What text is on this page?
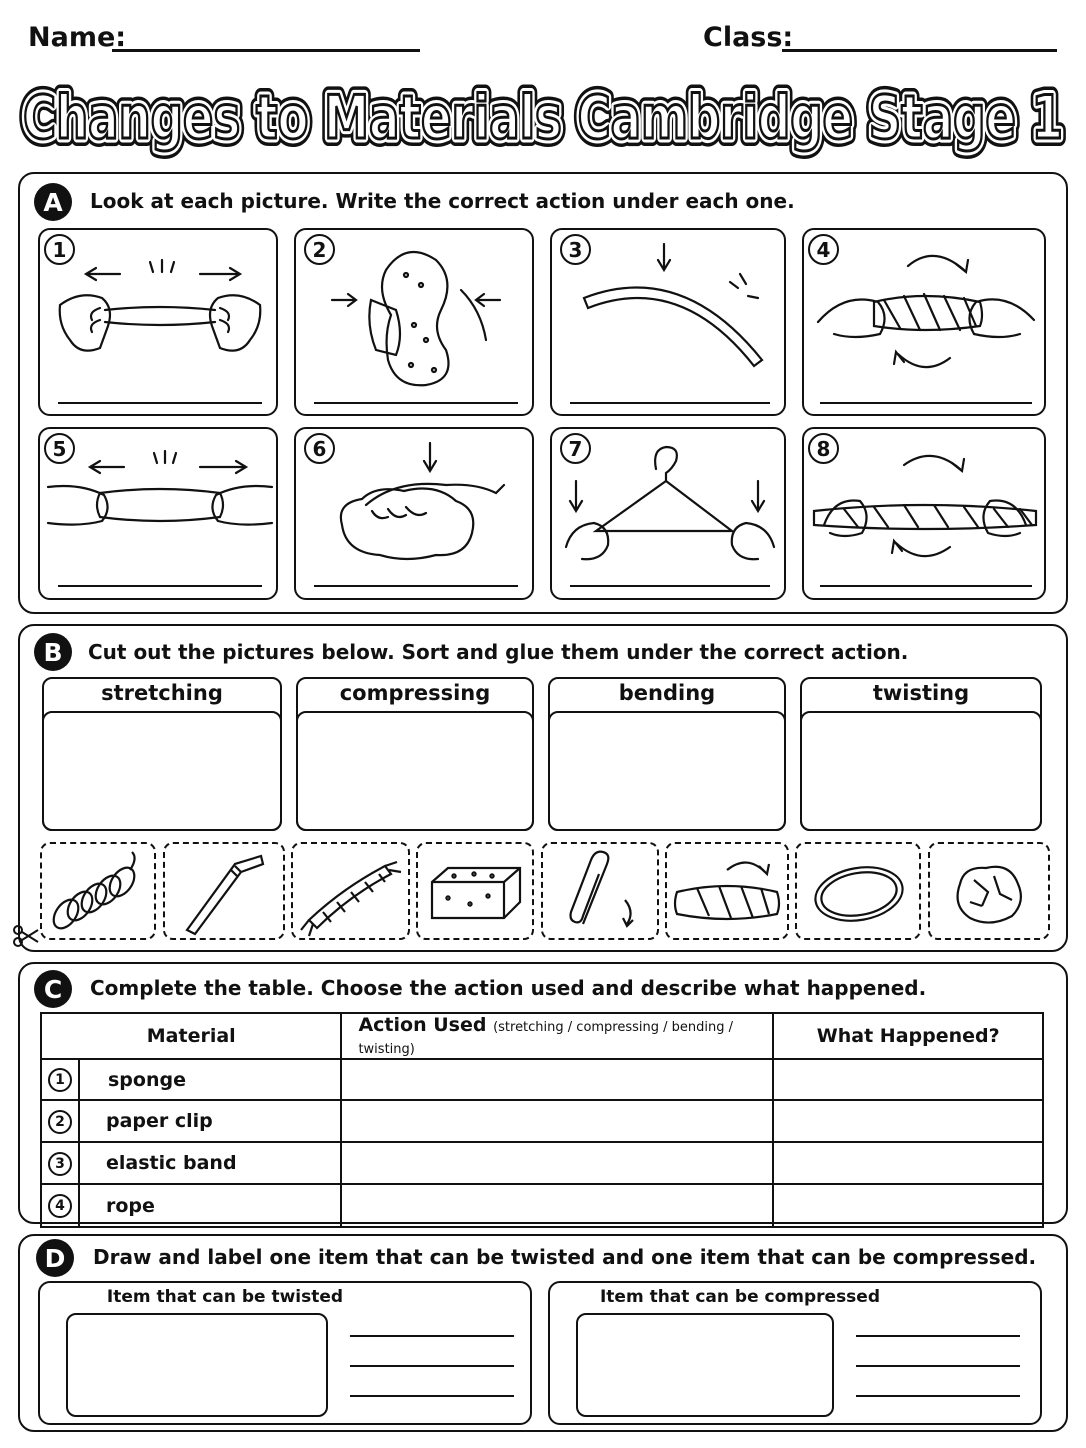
Name:	Class:
Changes to Materials Cambridge Stage 1
Changes to Materials Cambridge Stage 1
Changes to Materials Cambridge Stage 1
A	Look at each picture. Write the correct action under each one.
1	2	3	4
5	6	7	8
B	Cut out the pictures below. Sort and glue them under the correct action.
stretching	compressing	bending	twisting
C	Complete the table. Choose the action used and describe what happened.
Material		Action Used (stretching / compressing / bending / twisting)	What Happened?
1	sponge		
2	paper clip		
3	elastic band		
4	rope		
D	Draw and label one item that can be twisted and one item that can be compressed.
Item that can be twisted	Item that can be compressed
